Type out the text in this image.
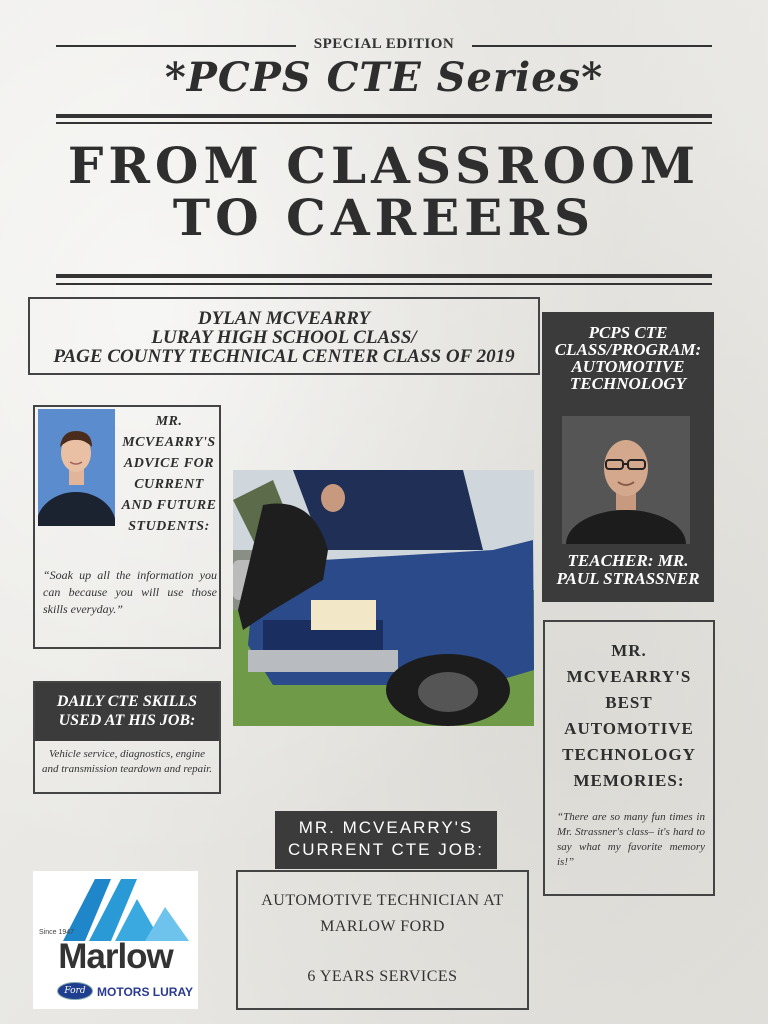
SPECIAL EDITION
*PCPS CTE Series*
FROM CLASSROOM
TO CAREERS
DYLAN MCVEARRY
LURAY HIGH SCHOOL CLASS/
PAGE COUNTY TECHNICAL CENTER CLASS OF 2019
PCPS CTE
CLASS/PROGRAM:
AUTOMOTIVE
TECHNOLOGY
TEACHER: MR.
PAUL STRASSNER
MR.
MCVEARRY'S
ADVICE FOR
CURRENT
AND FUTURE
STUDENTS:
“Soak up all the information you can because you will use those skills everyday.”
DAILY CTE SKILLS
USED AT HIS JOB:
Vehicle service, diagnostics, engine and transmission teardown and repair.
MR.
MCVEARRY'S
BEST
AUTOMOTIVE
TECHNOLOGY
MEMORIES:
“There are so many fun times in Mr. Strassner's class– it's hard to say what my favorite memory is!”
MR. MCVEARRY'S
CURRENT CTE JOB:
AUTOMOTIVE TECHNICIAN AT
MARLOW FORD
6 YEARS SERVICES
Since 1947
Marlow
Ford MOTORS LURAY
